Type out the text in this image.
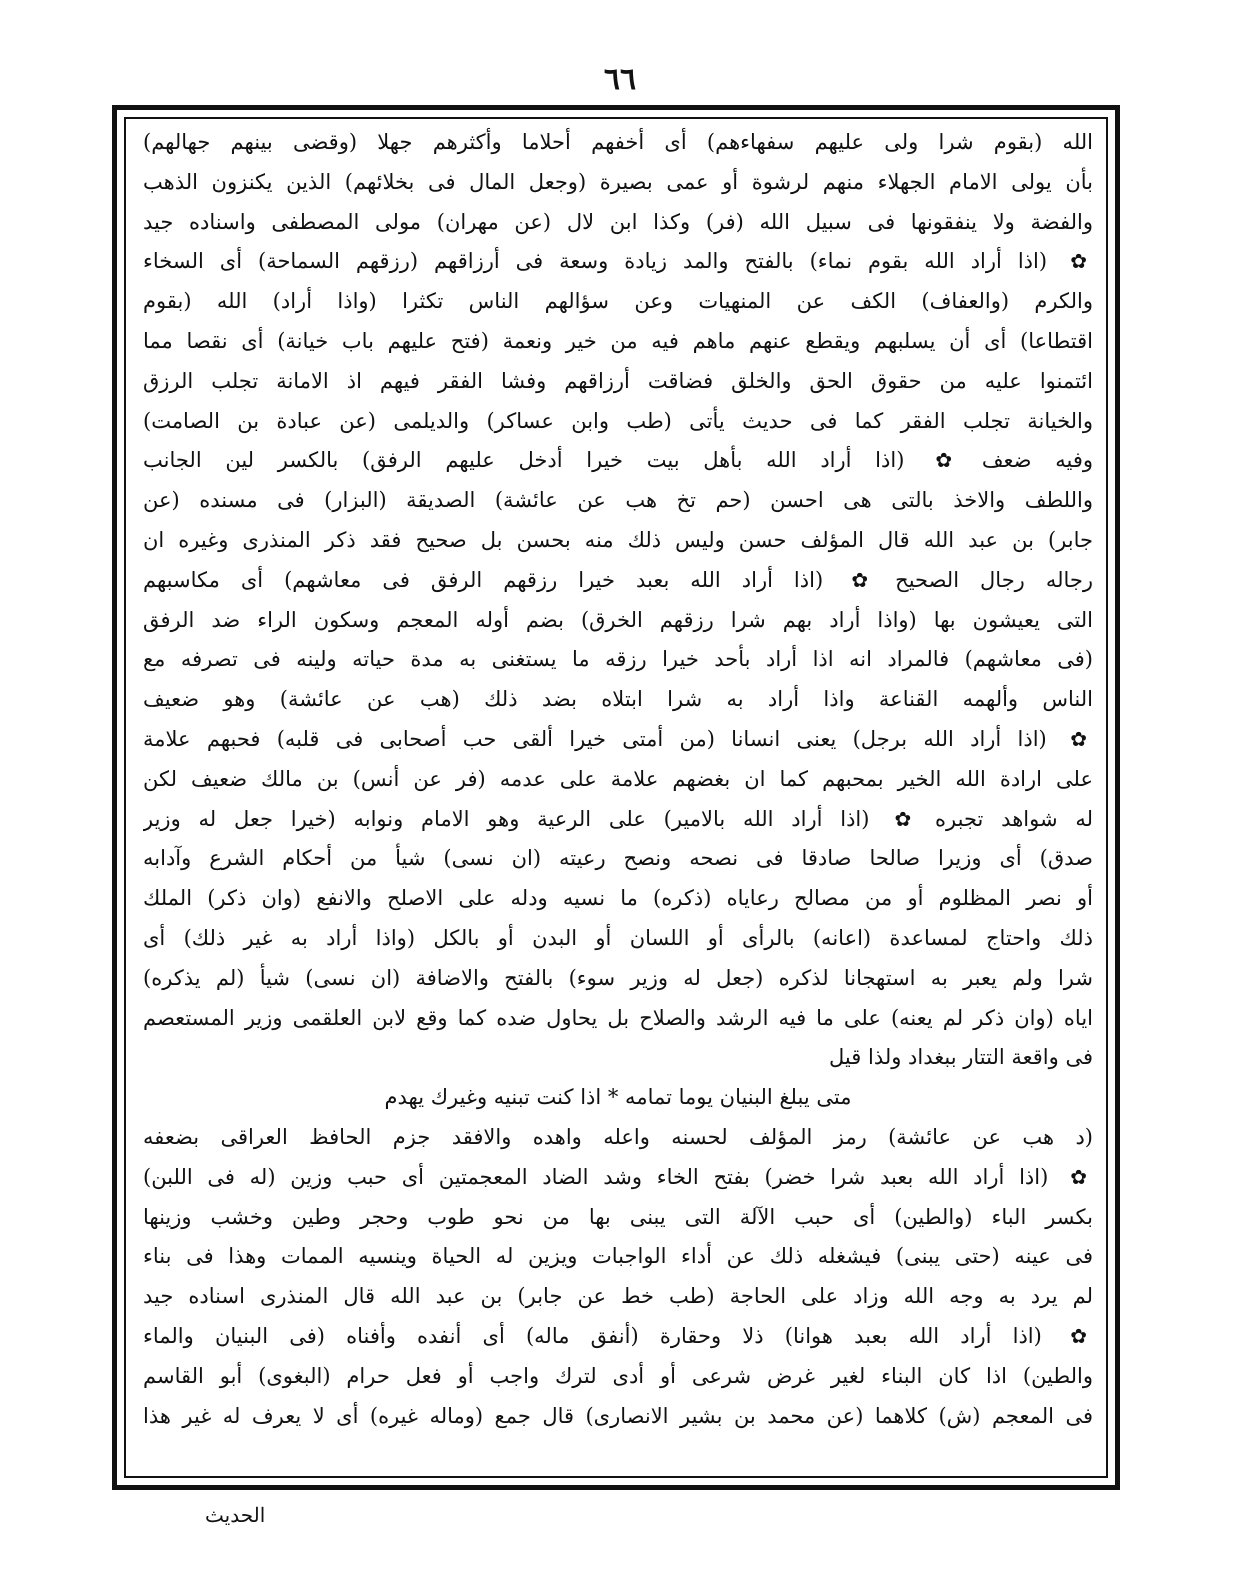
٦٦
الله (بقوم شرا ولى عليهم سفهاءهم) أى أخفهم أحلاما وأكثرهم جهلا (وقضى بينهم جهالهم)
بأن يولى الامام الجهلاء منهم لرشوة أو عمى بصيرة (وجعل المال فى بخلائهم) الذين يكنزون الذهب
والفضة ولا ينفقونها فى سبيل الله (فر) وكذا ابن لال (عن مهران) مولى المصطفى واسناده جيد
✿ (اذا أراد الله بقوم نماء) بالفتح والمد زيادة وسعة فى أرزاقهم (رزقهم السماحة) أى السخاء
والكرم (والعفاف) الكف عن المنهيات وعن سؤالهم الناس تكثرا (واذا أراد) الله (بقوم
اقتطاعا) أى أن يسلبهم ويقطع عنهم ماهم فيه من خير ونعمة (فتح عليهم باب خيانة) أى نقصا مما
ائتمنوا عليه من حقوق الحق والخلق فضاقت أرزاقهم وفشا الفقر فيهم اذ الامانة تجلب الرزق
والخيانة تجلب الفقر كما فى حديث يأتى (طب وابن عساكر) والديلمى (عن عبادة بن الصامت)
وفيه ضعف ✿ (اذا أراد الله بأهل بيت خيرا أدخل عليهم الرفق) بالكسر لين الجانب
واللطف والاخذ بالتى هى احسن (حم تخ هب عن عائشة) الصديقة (البزار) فى مسنده (عن
جابر) بن عبد الله قال المؤلف حسن وليس ذلك منه بحسن بل صحيح فقد ذكر المنذرى وغيره ان
رجاله رجال الصحيح ✿ (اذا أراد الله بعبد خيرا رزقهم الرفق فى معاشهم) أى مكاسبهم
التى يعيشون بها (واذا أراد بهم شرا رزقهم الخرق) بضم أوله المعجم وسكون الراء ضد الرفق
(فى معاشهم) فالمراد انه اذا أراد بأحد خيرا رزقه ما يستغنى به مدة حياته ولينه فى تصرفه مع
الناس وألهمه القناعة واذا أراد به شرا ابتلاه بضد ذلك (هب عن عائشة) وهو ضعيف
✿ (اذا أراد الله برجل) يعنى انسانا (من أمتى خيرا ألقى حب أصحابى فى قلبه) فحبهم علامة
على ارادة الله الخير بمحبهم كما ان بغضهم علامة على عدمه (فر عن أنس) بن مالك ضعيف لكن
له شواهد تجبره ✿ (اذا أراد الله بالامير) على الرعية وهو الامام ونوابه (خيرا جعل له وزير
صدق) أى وزيرا صالحا صادقا فى نصحه ونصح رعيته (ان نسى) شيأ من أحكام الشرع وآدابه
أو نصر المظلوم أو من مصالح رعاياه (ذكره) ما نسيه ودله على الاصلح والانفع (وان ذكر) الملك
ذلك واحتاج لمساعدة (اعانه) بالرأى أو اللسان أو البدن أو بالكل (واذا أراد به غير ذلك) أى
شرا ولم يعبر به استهجانا لذكره (جعل له وزير سوء) بالفتح والاضافة (ان نسى) شيأ (لم يذكره)
اياه (وان ذكر لم يعنه) على ما فيه الرشد والصلاح بل يحاول ضده كما وقع لابن العلقمى وزير المستعصم
فى واقعة التتار ببغداد ولذا قيل
متى يبلغ البنيان يوما تمامه * اذا كنت تبنيه وغيرك يهدم
(د هب عن عائشة) رمز المؤلف لحسنه واعله واهده والافقد جزم الحافظ العراقى بضعفه
✿ (اذا أراد الله بعبد شرا خضر) بفتح الخاء وشد الضاد المعجمتين أى حبب وزين (له فى اللبن)
بكسر الباء (والطين) أى حبب الآلة التى يبنى بها من نحو طوب وحجر وطين وخشب وزينها
فى عينه (حتى يبنى) فيشغله ذلك عن أداء الواجبات ويزين له الحياة وينسيه الممات وهذا فى بناء
لم يرد به وجه الله وزاد على الحاجة (طب خط عن جابر) بن عبد الله قال المنذرى اسناده جيد
✿ (اذا أراد الله بعبد هوانا) ذلا وحقارة (أنفق ماله) أى أنفده وأفناه (فى البنيان والماء
والطين) اذا كان البناء لغير غرض شرعى أو أدى لترك واجب أو فعل حرام (البغوى) أبو القاسم
فى المعجم (ش) كلاهما (عن محمد بن بشير الانصارى) قال جمع (وماله غيره) أى لا يعرف له غير هذا
الحديث
